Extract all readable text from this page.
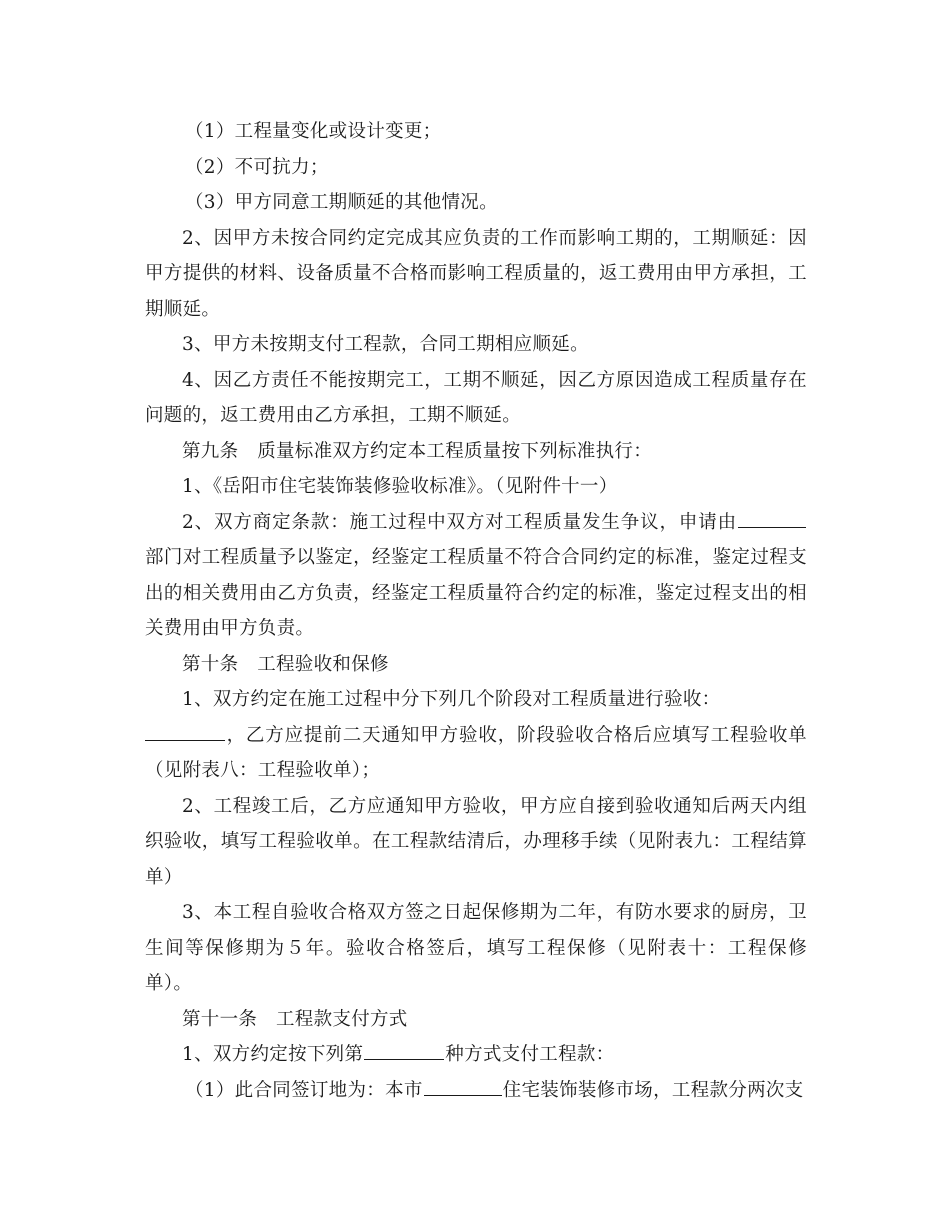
（1）工程量变化或设计变更；

（2）不可抗力；

（3）甲方同意工期顺延的其他情况。

2、因甲方未按合同约定完成其应负责的工作而影响工期的，工期顺延：因甲方提供的材料、设备质量不合格而影响工程质量的，返工费用由甲方承担，工期顺延。

3、甲方未按期支付工程款，合同工期相应顺延。

4、因乙方责任不能按期完工，工期不顺延，因乙方原因造成工程质量存在问题的，返工费用由乙方承担，工期不顺延。

第九条　质量标准双方约定本工程质量按下列标准执行：

1、《岳阳市住宅装饰装修验收标准》。（见附件十一）

2、双方商定条款：施工过程中双方对工程质量发生争议，申请由部门对工程质量予以鉴定，经鉴定工程质量不符合合同约定的标准，鉴定过程支出的相关费用由乙方负责，经鉴定工程质量符合约定的标准，鉴定过程支出的相关费用由甲方负责。

第十条　工程验收和保修

1、双方约定在施工过程中分下列几个阶段对工程质量进行验收：

，乙方应提前二天通知甲方验收，阶段验收合格后应填写工程验收单（见附表八：工程验收单）；

2、工程竣工后，乙方应通知甲方验收，甲方应自接到验收通知后两天内组织验收，填写工程验收单。在工程款结清后，办理移手续（见附表九：工程结算单）

3、本工程自验收合格双方签之日起保修期为二年，有防水要求的厨房，卫生间等保修期为５年。验收合格签后，填写工程保修（见附表十：工程保修单）。

第十一条　工程款支付方式

1、双方约定按下列第	种方式支付工程款：

（1）此合同签订地为：本市	住宅装饰装修市场，工程款分两次支
